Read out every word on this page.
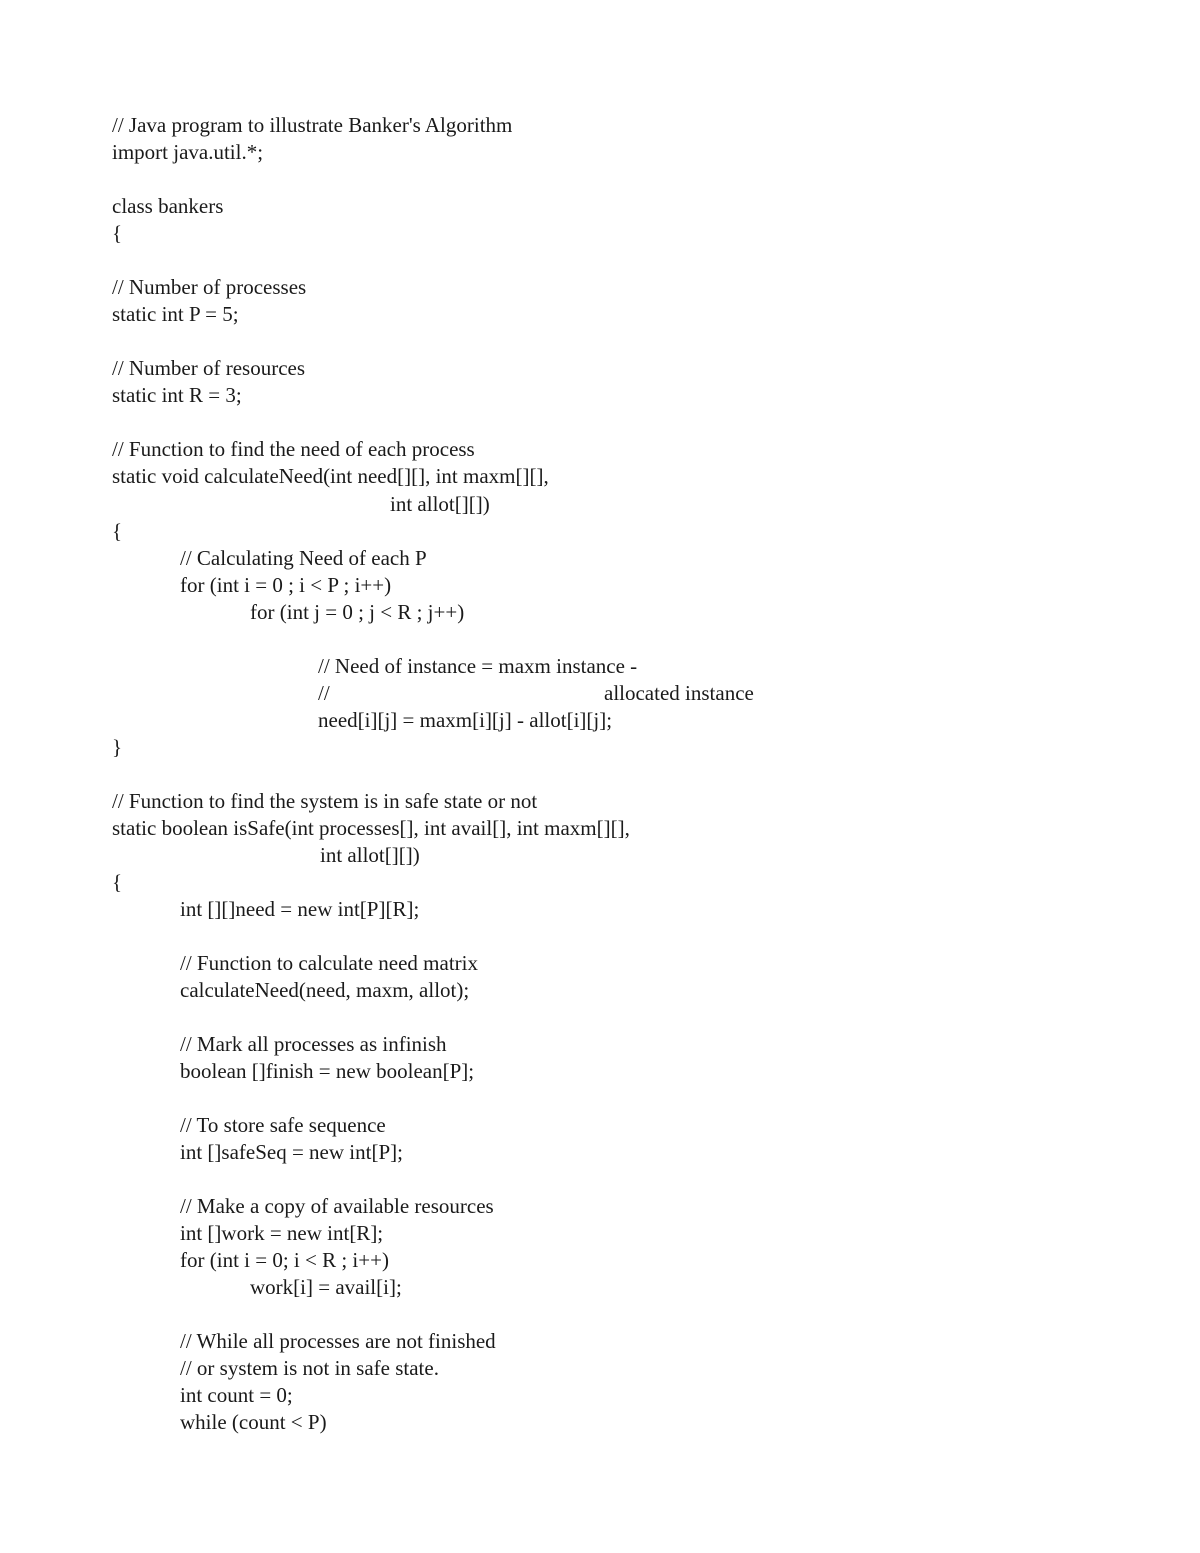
// Java program to illustrate Banker's Algorithm
import java.util.*;
class bankers
{
// Number of processes
static int P = 5;
// Number of resources
static int R = 3;
// Function to find the need of each process
static void calculateNeed(int need[][], int maxm[][],
int allot[][])
{
// Calculating Need of each P
for (int i = 0 ; i < P ; i++)
for (int j = 0 ; j < R ; j++)
// Need of instance = maxm instance -
//	allocated instance
need[i][j] = maxm[i][j] - allot[i][j];
}
// Function to find the system is in safe state or not
static boolean isSafe(int processes[], int avail[], int maxm[][],
int allot[][])
{
int [][]need = new int[P][R];
// Function to calculate need matrix
calculateNeed(need, maxm, allot);
// Mark all processes as infinish
boolean []finish = new boolean[P];
// To store safe sequence
int []safeSeq = new int[P];
// Make a copy of available resources
int []work = new int[R];
for (int i = 0; i < R ; i++)
work[i] = avail[i];
// While all processes are not finished
// or system is not in safe state.
int count = 0;
while (count < P)
